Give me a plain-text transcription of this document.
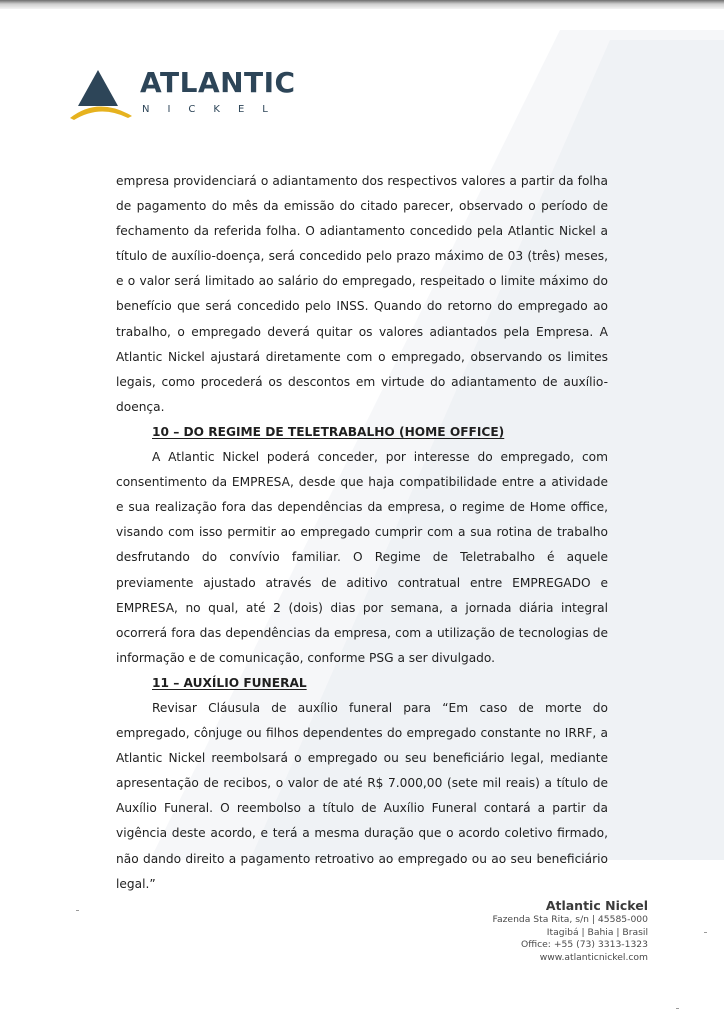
ATLANTIC
NICKEL

empresa providenciará o adiantamento dos respectivos valores a partir da folha de pagamento do mês da emissão do citado parecer, observado o período de fechamento da referida folha. O adiantamento concedido pela Atlantic Nickel a título de auxílio-doença, será concedido pelo prazo máximo de 03 (três) meses, e o valor será limitado ao salário do empregado, respeitado o limite máximo do benefício que será concedido pelo INSS. Quando do retorno do empregado ao trabalho, o empregado deverá quitar os valores adiantados pela Empresa. A Atlantic Nickel ajustará diretamente com o empregado, observando os limites legais, como procederá os descontos em virtude do adiantamento de auxílio-doença.

10 – DO REGIME DE TELETRABALHO (HOME OFFICE)

A Atlantic Nickel poderá conceder, por interesse do empregado, com consentimento da EMPRESA, desde que haja compatibilidade entre a atividade e sua realização fora das dependências da empresa, o regime de Home office, visando com isso permitir ao empregado cumprir com a sua rotina de trabalho desfrutando do convívio familiar. O Regime de Teletrabalho é aquele previamente ajustado através de aditivo contratual entre EMPREGADO e EMPRESA, no qual, até 2 (dois) dias por semana, a jornada diária integral ocorrerá fora das dependências da empresa, com a utilização de tecnologias de informação e de comunicação, conforme PSG a ser divulgado.

11 – AUXÍLIO FUNERAL

Revisar Cláusula de auxílio funeral para “Em caso de morte do empregado, cônjuge ou filhos dependentes do empregado constante no IRRF, a Atlantic Nickel reembolsará o empregado ou seu beneficiário legal, mediante apresentação de recibos, o valor de até R$ 7.000,00 (sete mil reais) a título de Auxílio Funeral. O reembolso a título de Auxílio Funeral contará a partir da vigência deste acordo, e terá a mesma duração que o acordo coletivo firmado, não dando direito a pagamento retroativo ao empregado ou ao seu beneficiário legal.”

Atlantic Nickel
Fazenda Sta Rita, s/n | 45585-000
Itagibá | Bahia | Brasil
Office: +55 (73) 3313-1323
www.atlanticnickel.com
